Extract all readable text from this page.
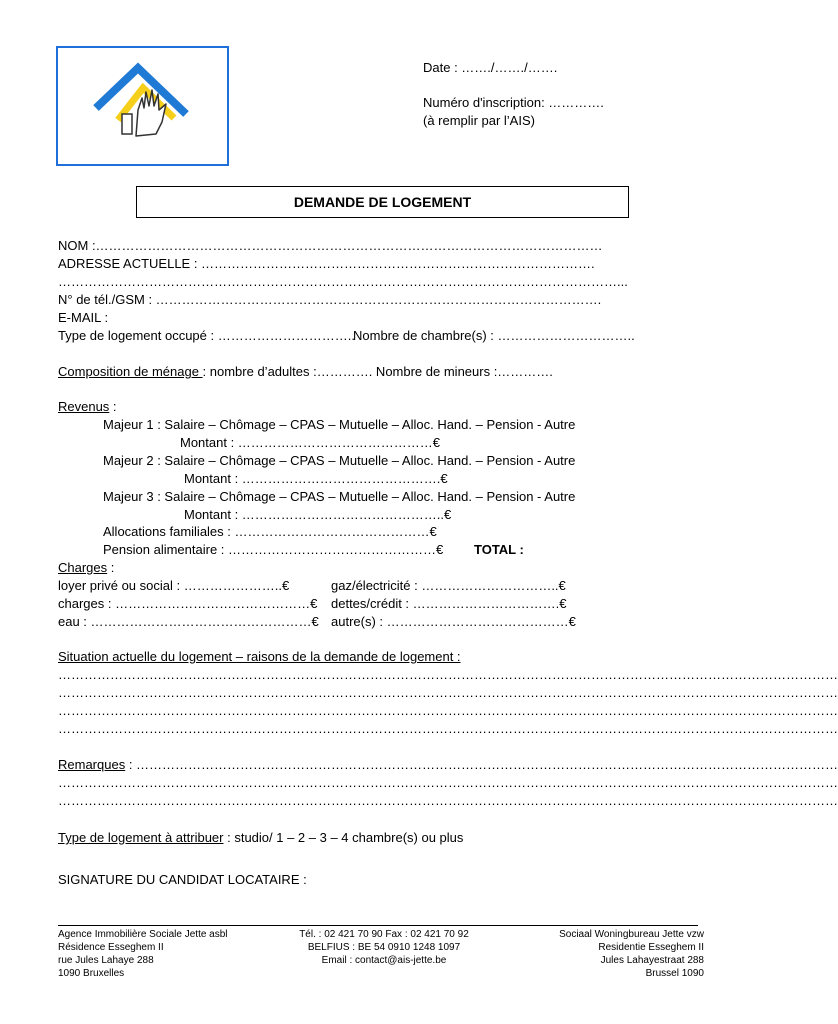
Date : ……./……./…….
Numéro d'inscription: ………….
(à remplir par l’AIS)
DEMANDE DE LOGEMENT
NOM :………………………………………………………………………………………………………
ADRESSE ACTUELLE : ……………………………………………………………………………….
…………………………………………………………………………………………………………………...
N° de tél./GSM : ………………………………………………………………………………………….
E-MAIL :
Type de logement occupé : …………………………..
Nombre de chambre(s) : …………………………..
Composition de ménage : nombre d’adultes :…………. Nombre de mineurs :………….
Revenus :
Majeur 1 : Salaire – Chômage – CPAS – Mutuelle – Alloc. Hand. – Pension - Autre
Montant : ………………………………………€
Majeur 2 : Salaire – Chômage – CPAS – Mutuelle – Alloc. Hand. – Pension - Autre
Montant : ……………………………………….€
Majeur 3 : Salaire – Chômage – CPAS – Mutuelle – Alloc. Hand. – Pension - Autre
Montant : ………………………………………..€
Allocations familiales : ………………………………………€
Pension alimentaire : …………………………………………€ TOTAL :
Charges :
loyer privé ou social : …………………..€	gaz/électricité : …………………………..€
charges : ………………………………………€ dettes/crédit : …………………………….€
eau : ……………………………………………€ autre(s) : ……………………………………€
Situation actuelle du logement – raisons de la demande de logement :
………………………………………………………………………………………………………………………………………………………………
………………………………………………………………………………………………………………………………………………………………
………………………………………………………………………………………………………………………………………………………………
………………………………………………………………………………………………………………………………………………………………
Remarques : ………………………………………………………………………………………………………………………………………………
………………………………………………………………………………………………………………………………………………………………
………………………………………………………………………………………………………………………………………………………………
Type de logement à attribuer : studio/ 1 – 2 – 3 – 4 chambre(s) ou plus
SIGNATURE DU CANDIDAT LOCATAIRE :
Agence Immobilière Sociale Jette asbl
Résidence Esseghem II
rue Jules Lahaye 288
1090 Bruxelles
Tél. : 02 421 70 90 Fax : 02 421 70 92
BELFIUS : BE 54 0910 1248 1097
Email : contact@ais-jette.be
Sociaal Woningbureau Jette vzw
Residentie Esseghem II
Jules Lahayestraat 288
Brussel 1090
